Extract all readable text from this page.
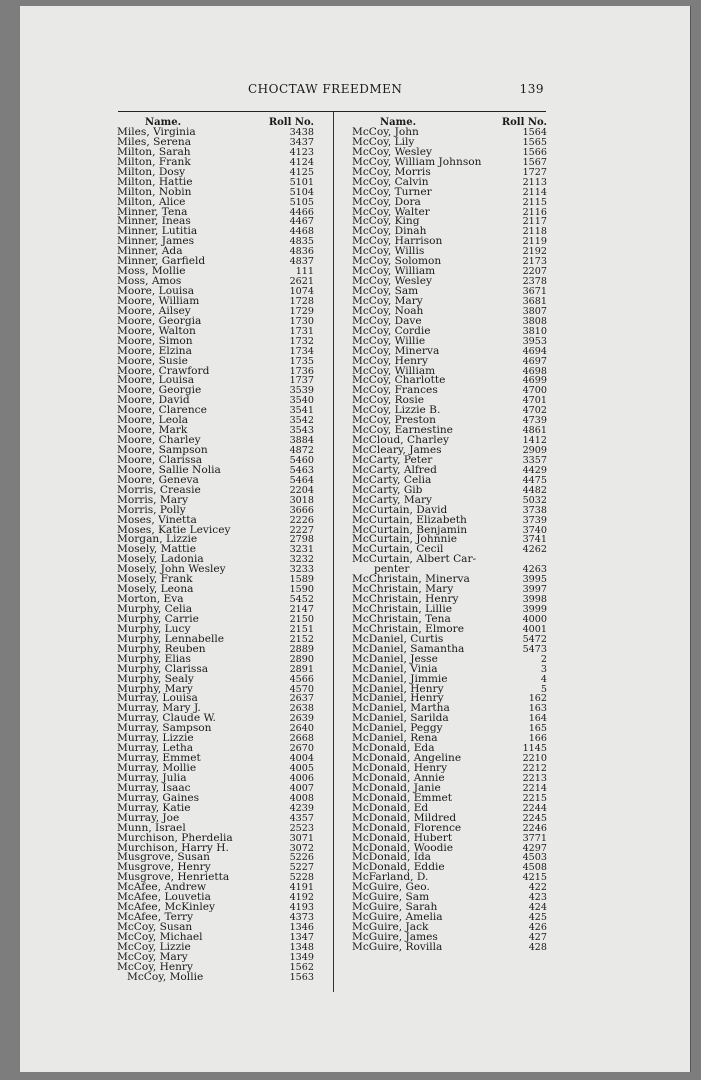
CHOCTAW FREEDMEN	139
Name.	Roll No.
Miles, Virginia	3438
Miles, Serena	3437
Milton, Sarah	4123
Milton, Frank	4124
Milton, Dosy	4125
Milton, Hattie	5101
Milton, Nobin	5104
Milton, Alice	5105
Minner, Tena	4466
Minner, Ineas	4467
Minner, Lutitia	4468
Minner, James	4835
Minner, Ada	4836
Minner, Garfield	4837
Moss, Mollie	111
Moss, Amos	2621
Moore, Louisa	1074
Moore, William	1728
Moore, Ailsey	1729
Moore, Georgia	1730
Moore, Walton	1731
Moore, Simon	1732
Moore, Elzina	1734
Moore, Susie	1735
Moore, Crawford	1736
Moore, Louisa	1737
Moore, Georgie	3539
Moore, David	3540
Moore, Clarence	3541
Moore, Leola	3542
Moore, Mark	3543
Moore, Charley	3884
Moore, Sampson	4872
Moore, Clarissa	5460
Moore, Sallie Nolia	5463
Moore, Geneva	5464
Morris, Creasie	2204
Morris, Mary	3018
Morris, Polly	3666
Moses, Vinetta	2226
Moses, Katie Levicey	2227
Morgan, Lizzie	2798
Mosely, Mattie	3231
Mosely, Ladonia	3232
Mosely, John Wesley	3233
Mosely, Frank	1589
Mosely, Leona	1590
Morton, Eva	5452
Murphy, Celia	2147
Murphy, Carrie	2150
Murphy, Lucy	2151
Murphy, Lennabelle	2152
Murphy, Reuben	2889
Murphy, Elias	2890
Murphy, Clarissa	2891
Murphy, Sealy	4566
Murphy, Mary	4570
Murray, Louisa	2637
Murray, Mary J.	2638
Murray, Claude W.	2639
Murray, Sampson	2640
Murray, Lizzie	2668
Murray, Letha	2670
Murray, Emmet	4004
Murray, Mollie	4005
Murray, Julia	4006
Murray, Isaac	4007
Murray, Gaines	4008
Murray, Katie	4239
Murray, Joe	4357
Munn, Israel	2523
Murchison, Pherdelia	3071
Murchison, Harry H.	3072
Musgrove, Susan	5226
Musgrove, Henry	5227
Musgrove, Henrietta	5228
McAfee, Andrew	4191
McAfee, Louvetia	4192
McAfee, McKinley	4193
McAfee, Terry	4373
McCoy, Susan	1346
McCoy, Michael	1347
McCoy, Lizzie	1348
McCoy, Mary	1349
McCoy, Henry	1562
McCoy, Mollie	1563
Name.	Roll No.
McCoy, John	1564
McCoy, Lily	1565
McCoy, Wesley	1566
McCoy, William Johnson	1567
McCoy, Morris	1727
McCoy, Calvin	2113
McCoy, Turner	2114
McCoy, Dora	2115
McCoy, Walter	2116
McCoy, King	2117
McCoy, Dinah	2118
McCoy, Harrison	2119
McCoy, Willis	2192
McCoy, Solomon	2173
McCoy, William	2207
McCoy, Wesley	2378
McCoy, Sam	3671
McCoy, Mary	3681
McCoy, Noah	3807
McCoy, Dave	3808
McCoy, Cordie	3810
McCoy, Willie	3953
McCoy, Minerva	4694
McCoy, Henry	4697
McCoy, William	4698
McCoy, Charlotte	4699
McCoy, Frances	4700
McCoy, Rosie	4701
McCoy, Lizzie B.	4702
McCoy, Preston	4739
McCoy, Earnestine	4861
McCloud, Charley	1412
McCleary, James	2909
McCarty, Peter	3357
McCarty, Alfred	4429
McCarty, Celia	4475
McCarty, Gib	4482
McCarty, Mary	5032
McCurtain, David	3738
McCurtain, Elizabeth	3739
McCurtain, Benjamin	3740
McCurtain, Johnnie	3741
McCurtain, Cecil	4262
McCurtain, Albert Car-
penter	4263
McChristain, Minerva	3995
McChristain, Mary	3997
McChristain, Henry	3998
McChristain, Lillie	3999
McChristain, Tena	4000
McChristain, Elmore	4001
McDaniel, Curtis	5472
McDaniel, Samantha	5473
McDaniel, Jesse	2
McDaniel, Vinia	3
McDaniel, Jimmie	4
McDaniel, Henry	5
McDaniel, Henry	162
McDaniel, Martha	163
McDaniel, Sarilda	164
McDaniel, Peggy	165
McDaniel, Rena	166
McDonald, Eda	1145
McDonald, Angeline	2210
McDonald, Henry	2212
McDonald, Annie	2213
McDonald, Janie	2214
McDonald, Emmet	2215
McDonald, Ed	2244
McDonald, Mildred	2245
McDonald, Florence	2246
McDonald, Hubert	3771
McDonald, Woodie	4297
McDonald, Ida	4503
McDonald, Eddie	4508
McFarland, D.	4215
McGuire, Geo.	422
McGuire, Sam	423
McGuire, Sarah	424
McGuire, Amelia	425
McGuire, Jack	426
McGuire, James	427
McGuire, Rovilla	428
